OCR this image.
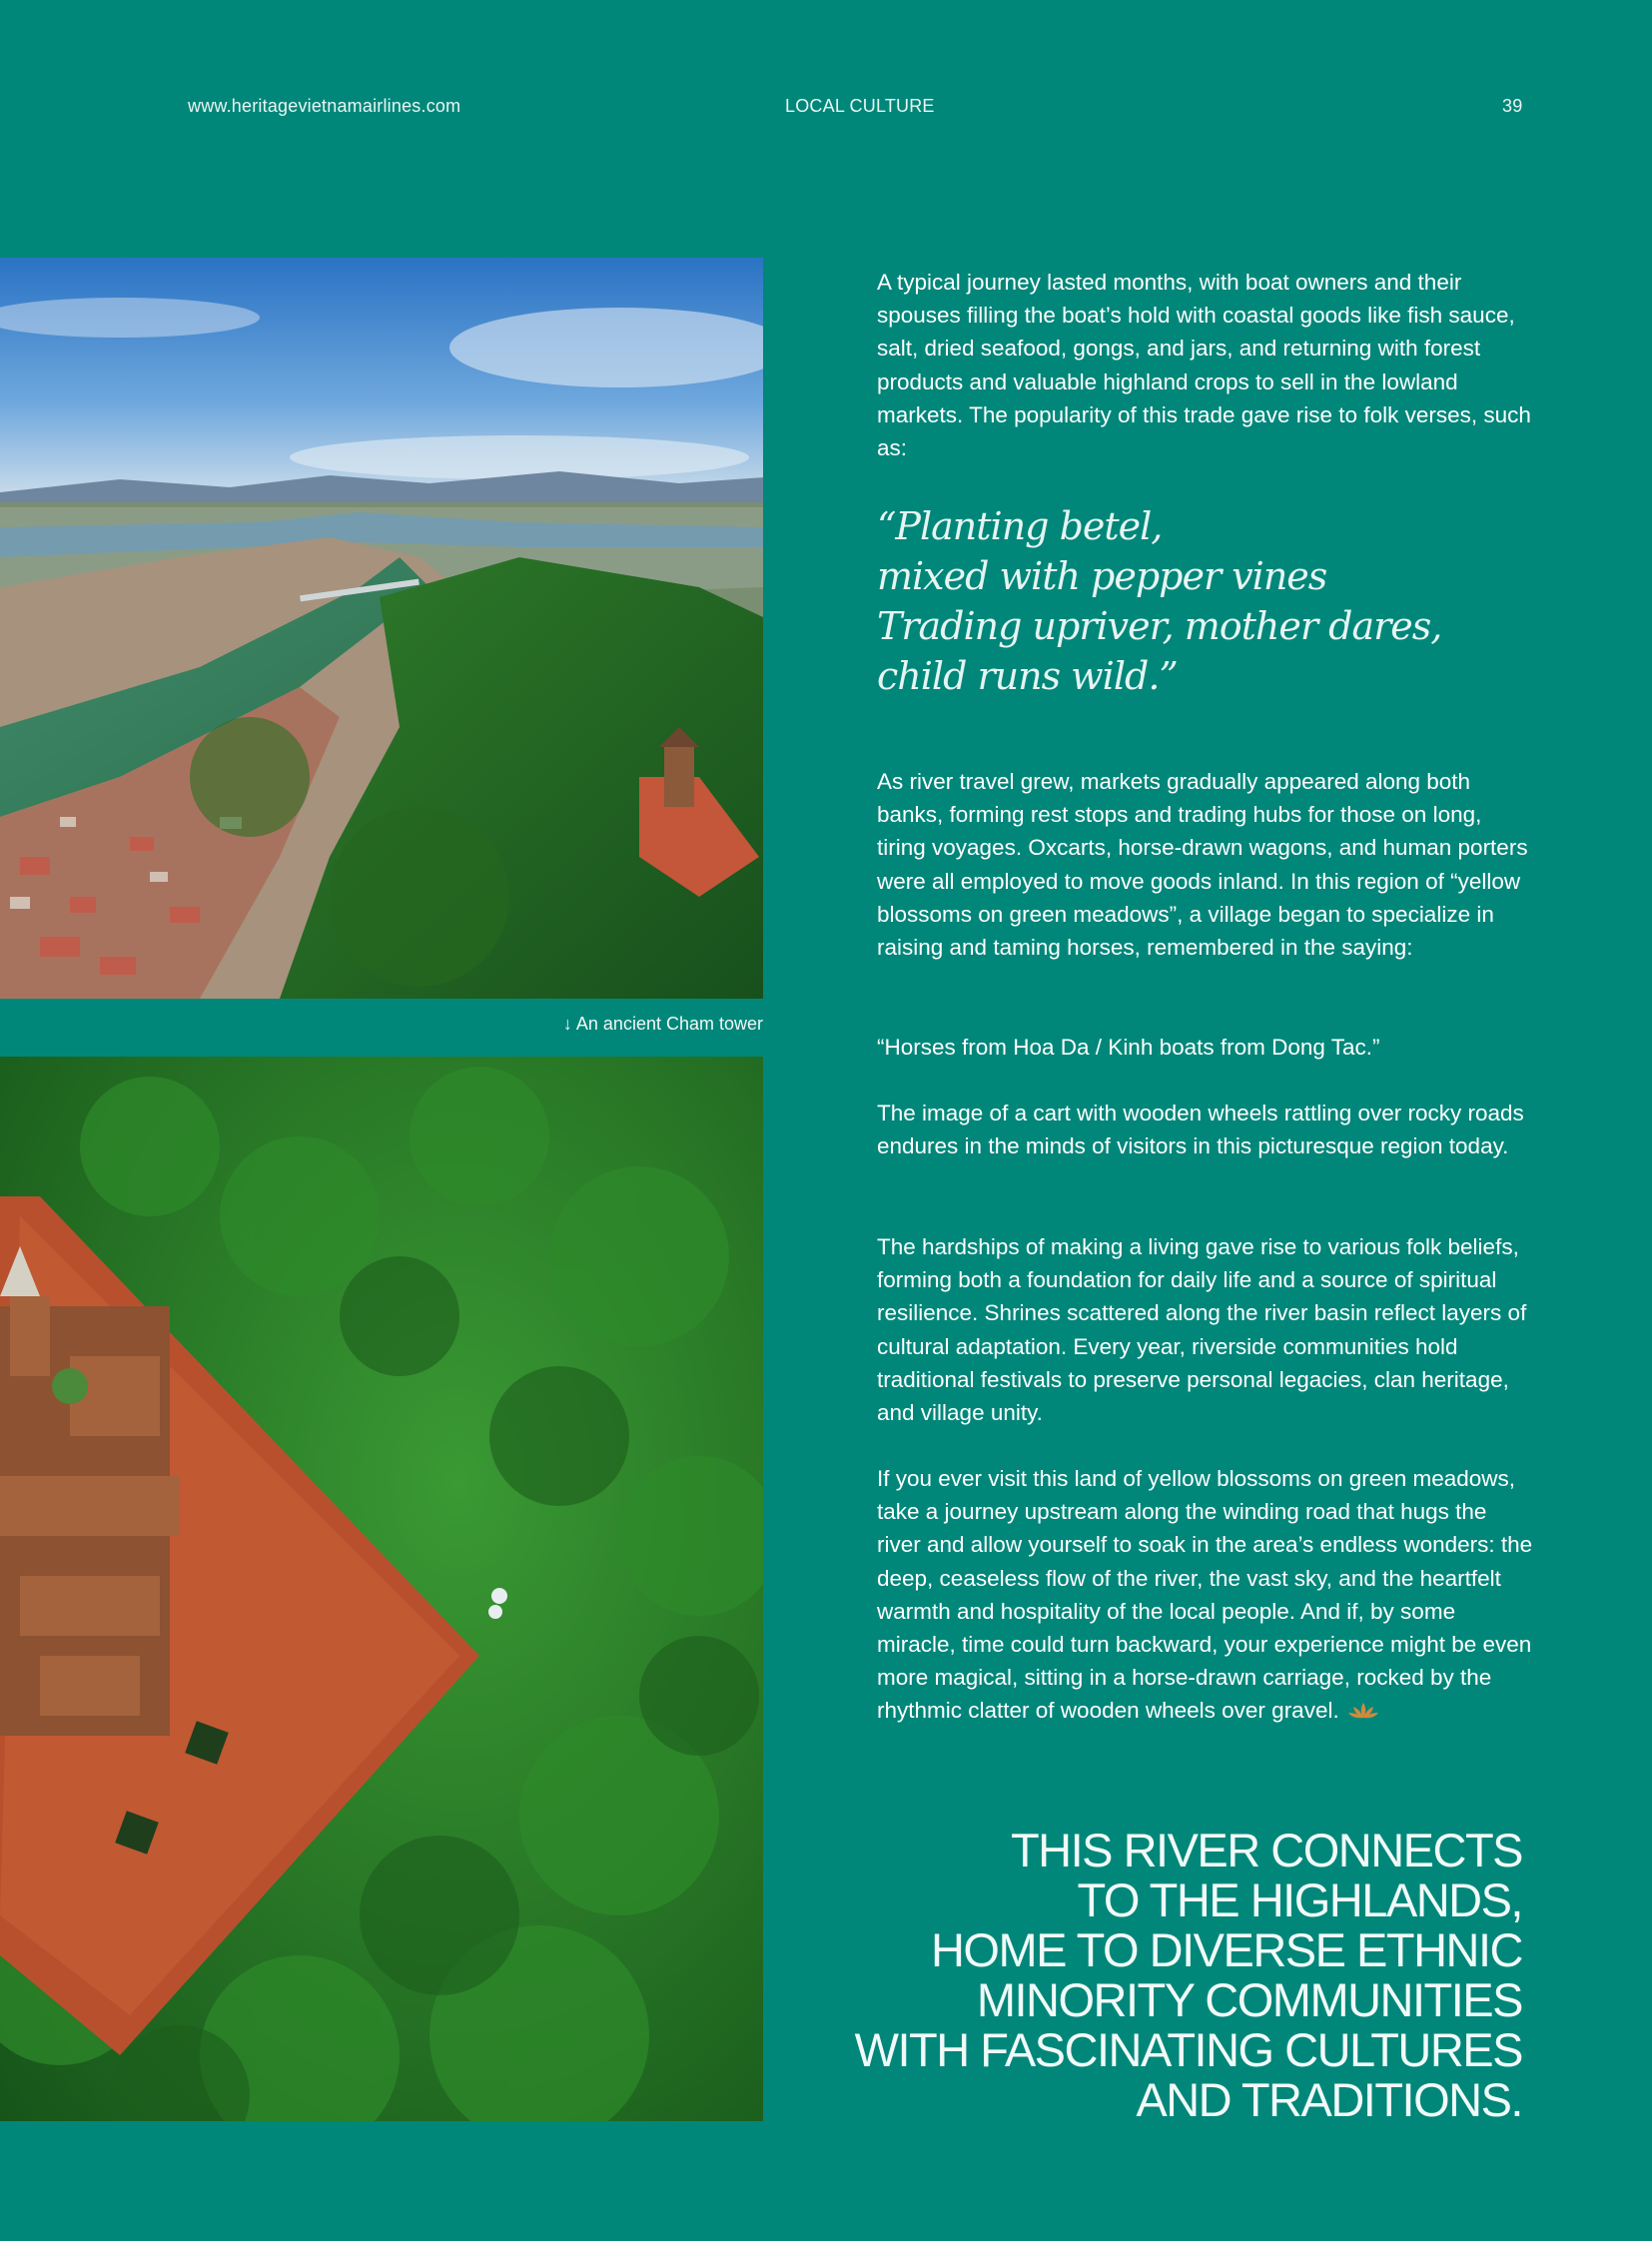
www.heritagevietnamairlines.com	LOCAL CULTURE	39
↓ An ancient Cham tower

A typical journey lasted months, with boat owners and their spouses filling the boat’s hold with coastal goods like fish sauce, salt, dried seafood, gongs, and jars, and returning with forest products and valuable highland crops to sell in the lowland markets. The popularity of this trade gave rise to folk verses, such as:

“Planting betel,

mixed with pepper vines

Trading upriver, mother dares,

child runs wild.”

As river travel grew, markets gradually appeared along both banks, forming rest stops and trading hubs for those on long, tiring voyages. Oxcarts, horse-drawn wagons, and human porters were all employed to move goods inland. In this region of “yellow blossoms on green meadows”, a village began to specialize in raising and taming horses, remembered in the saying:

“Horses from Hoa Da / Kinh boats from Dong Tac.”

The image of a cart with wooden wheels rattling over rocky roads endures in the minds of visitors in this picturesque region today.

The hardships of making a living gave rise to various folk beliefs, forming both a foundation for daily life and a source of spiritual resilience. Shrines scattered along the river basin reflect layers of cultural adaptation. Every year, riverside communities hold traditional festivals to preserve personal legacies, clan heritage, and village unity.

If you ever visit this land of yellow blossoms on green meadows, take a journey upstream along the winding road that hugs the river and allow yourself to soak in the area’s endless wonders: the deep, ceaseless flow of the river, the vast sky, and the heartfelt warmth and hospitality of the local people. And if, by some miracle, time could turn backward, your experience might be even more magical, sitting in a horse-drawn carriage, rocked by the rhythmic clatter of wooden wheels over gravel.

THIS RIVER CONNECTS
TO THE HIGHLANDS,
HOME TO DIVERSE ETHNIC
MINORITY COMMUNITIES
WITH FASCINATING CULTURES
AND TRADITIONS.
